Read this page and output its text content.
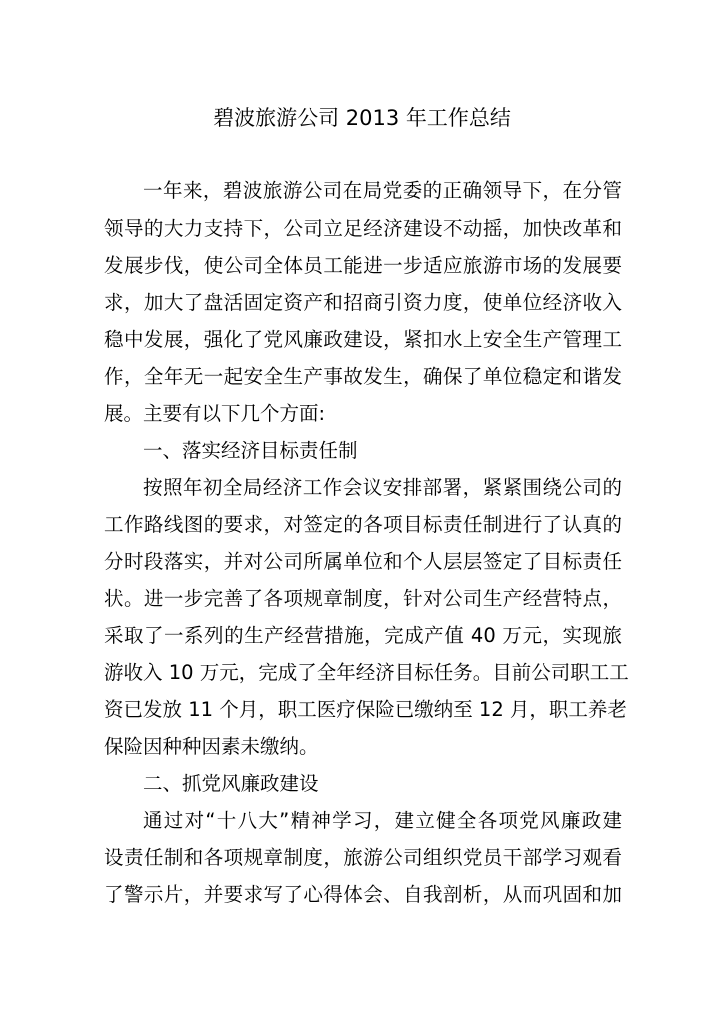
碧波旅游公司 2013 年工作总结

一年来，碧波旅游公司在局党委的正确领导下，在分管

领导的大力支持下，公司立足经济建设不动摇，加快改革和

发展步伐，使公司全体员工能进一步适应旅游市场的发展要

求，加大了盘活固定资产和招商引资力度，使单位经济收入

稳中发展，强化了党风廉政建设，紧扣水上安全生产管理工

作，全年无一起安全生产事故发生，确保了单位稳定和谐发

展。主要有以下几个方面:

一、落实经济目标责任制

按照年初全局经济工作会议安排部署，紧紧围绕公司的

工作路线图的要求，对签定的各项目标责任制进行了认真的

分时段落实，并对公司所属单位和个人层层签定了目标责任

状。进一步完善了各项规章制度，针对公司生产经营特点，

采取了一系列的生产经营措施，完成产值 40 万元，实现旅

游收入 10 万元，完成了全年经济目标任务。目前公司职工工

资已发放 11 个月，职工医疗保险已缴纳至 12 月，职工养老

保险因种种因素未缴纳。

二、抓党风廉政建设

通过对“十八大”精神学习，建立健全各项党风廉政建

设责任制和各项规章制度，旅游公司组织党员干部学习观看

了警示片，并要求写了心得体会、自我剖析，从而巩固和加
